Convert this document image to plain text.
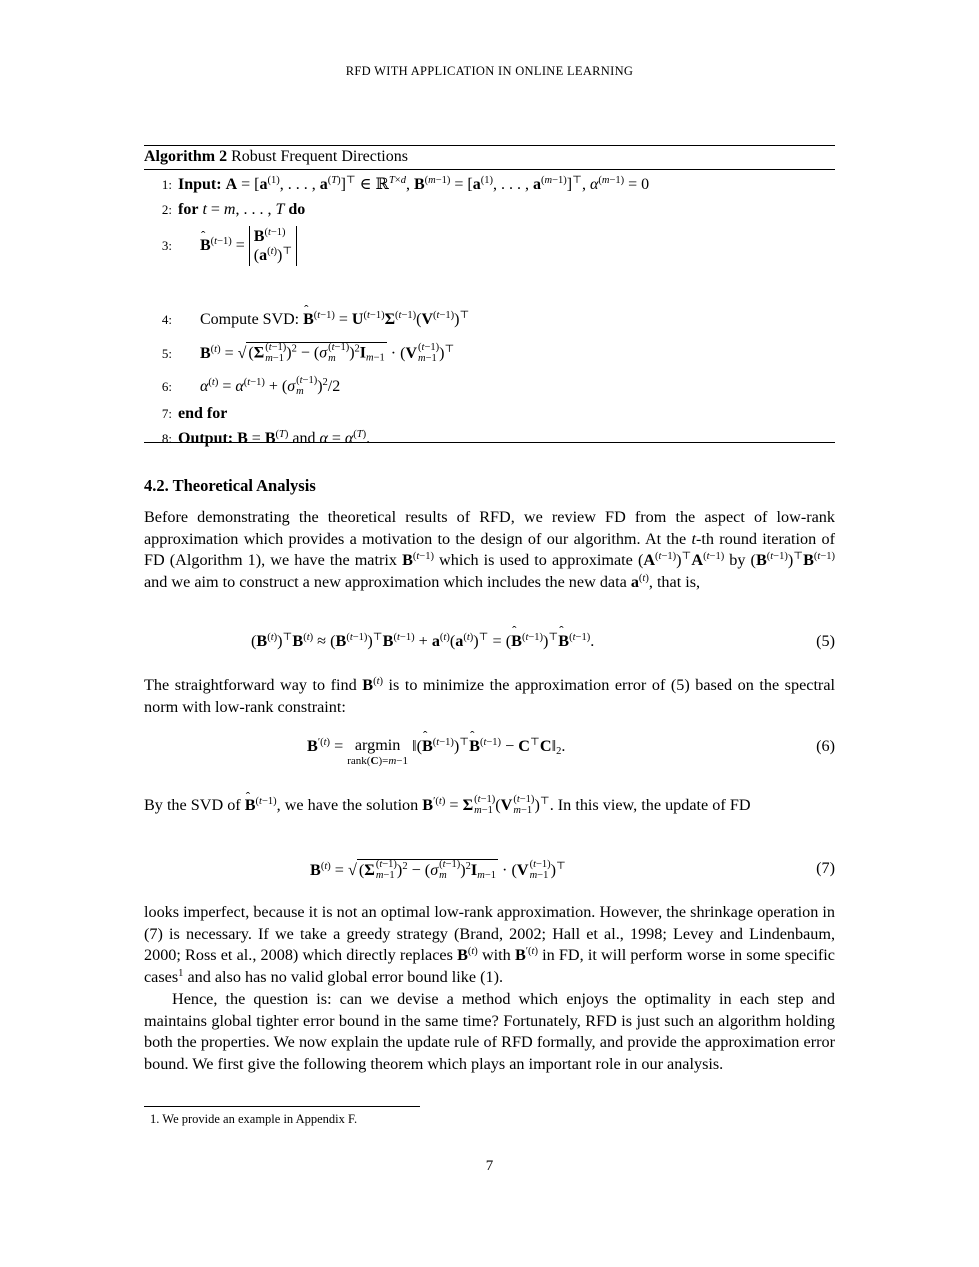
RFD WITH APPLICATION IN ONLINE LEARNING
Algorithm 2 Robust Frequent Directions
1: Input: $A = [a^{(1)}$, . . . , $a^{(T)}]^⊤$ ∈ ℝ$^{T\times d}$, $B^{(m-1)} = [a^{(1)}$, . . . , $a^{(m-1)}]^⊤$, $\alpha^{(m-1)} = 0$
2: for t = m, . . . , T do
3: ˆ $B^{(t-1)}$ =
$B^{(t-1)}$
$(a^{(t)})^⊤$
4: Compute SVD: ˆ $B^{(t-1)} = U^{(t-1)}\Sigma^{(t-1)}(V^{(t-1)})^⊤$
5: $B^{(t)}$ = √ (Σ (t−1)
m−1 )$^2$ − (σ (t−1)
m )$^2I_{m-1} \cdot (V$ (t−1)
m−1 )⊤
6: $\alpha^{(t)} = \alpha^{(t-1)} + (\sigma$ (t−1)
m )$^2$/2
7: end for
8: Output: $B = B^{(T)}$ and $\alpha = \alpha^{(T)}$.
4.2. Theoretical Analysis
Before demonstrating the theoretical results of RFD, we review FD from the aspect of low-rank approximation which provides a motivation to the design of our algorithm. At the t-th round iteration of FD (Algorithm 1), we have the matrix $B^{(t-1)}$ which is used to approximate $(A^{(t-1)})^⊤A^{(t-1)}$ by $(B^{(t-1)})^⊤B^{(t-1)}$ and we aim to construct a new approximation which includes the new data $a^{(t)}$, that is,
$(B^{(t)})^⊤B^{(t)} \approx (B^{(t-1)})^⊤B^{(t-1)} + a^{(t)}(a^{(t)})^⊤$ = (ˆ $B^{(t-1)})^⊤ˆ$ $B^{(t-1)}$.	(5)
The straightforward way to find $B^{(t)}$ is to minimize the approximation error of (5) based on the spectral norm with low-rank constraint:
$B^{'(t)} = argmin$
rank(C)=m−1
‖(ˆ $B^{(t-1)})^⊤ˆ$ $B^{(t-1)}$ − $C^⊤C‖_2$.	(6)
By the SVD of ˆ $B^{(t-1)}$, we have the solution $B^{'(t)} = \Sigma$ (t−1)
m−1 (V (t−1)
m−1 )⊤. In this view, the update of FD
$B^{(t)}$ = √ (Σ (t−1)
m−1 )$^2$ − (σ (t−1)
m )$^2I_{m-1} \cdot (V$ (t−1)
m−1 )⊤	(7)
looks imperfect, because it is not an optimal low-rank approximation. However, the shrinkage operation in (7) is necessary. If we take a greedy strategy (Brand, 2002; Hall et al., 1998; Levey and Lindenbaum, 2000; Ross et al., 2008) which directly replaces $B^{(t)}$ with $B^{'(t)}$ in FD, it will perform worse in some specific cases$^1$ and also has no valid global error bound like (1).
Hence, the question is: can we devise a method which enjoys the optimality in each step and maintains global tighter error bound in the same time? Fortunately, RFD is just such an algorithm holding both the properties. We now explain the update rule of RFD formally, and provide the approximation error bound. We first give the following theorem which plays an important role in our analysis.
1. We provide an example in Appendix F.
7
